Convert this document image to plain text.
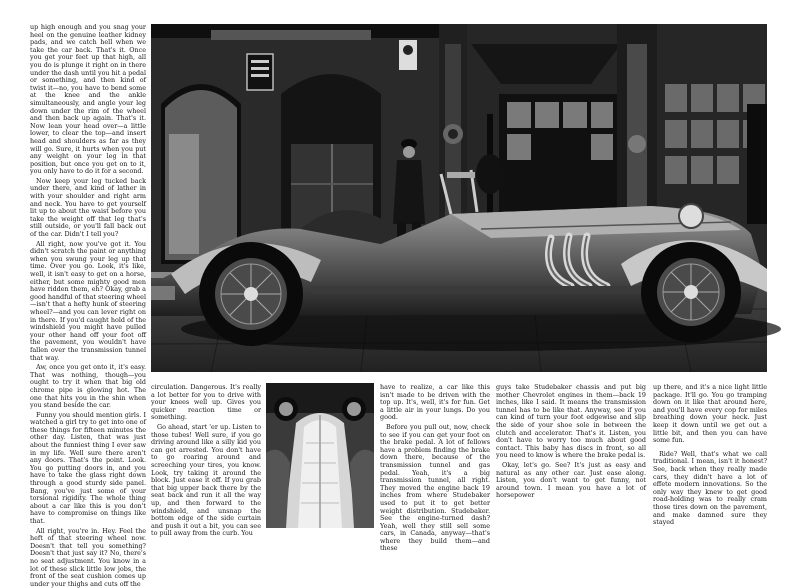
up high enough and you snag your heel on the genuine leather kidney pads, and we catch hell when we take the car back. That's it. Once you get your feet up that high, all you do is plunge it right on in there under the dash until you hit a pedal or something, and then kind of twist it—no, you have to bend some at the knee and the ankle simultaneously, and angle your leg down under the rim of the wheel and then back up again. That's it. Now lean your head over—a little lower, to clear the top—and insert head and shoulders as far as they will go. Sure, it hurts when you put any weight on your leg in that position, but once you get on to it, you only have to do it for a second.

Now keep your leg tucked back under there, and kind of lather in with your shoulder and right arm and neck. You have to get yourself lit up to about the waist before you take the weight off that leg that's still outside, or you'll fall back out of the car. Didn't I tell you?

All right, now you've got it. You didn't scratch the paint or anything when you swung your leg up that time. Over you go. Look, it's like, well, it isn't easy to get on a horse, either, but some mighty good men have ridden them, eh? Okay, grab a good handful of that steering wheel—isn't that a hefty hunk of steering wheel?—and you can lever right on in there. If you'd caught hold of the windshield you might have pulled your other hand off your foot off the pavement, you wouldn't have fallen over the transmission tunnel that way.

Aw, once you get onto it, it's easy. That was nothing, though—you ought to try it when that big old chrome pipe is glowing hot. The one that hits you in the shin when you stand beside the car.

Funny you should mention girls. I watched a girl try to get into one of these things for fifteen minutes the other day. Listen, that was just about the funniest thing I ever saw in my life. Well sure there aren't any doors. That's the point. Look. You go putting doors in, and you have to take the glass right down through a good sturdy side panel. Bang, you've just some of your torsional rigidity. The whole thing about a car like this is you don't have to compromise on things like that.

All right, you're in. Hey. Feel the heft of that steering wheel now. Doesn't that tell you something? Doesn't that just say it? No, there's no seat adjustment. You know in a lot of these slick little low jobs, the front of the seat cushion comes up under your thighs and cuts off the

circulation. Dangerous. It's really a lot better for you to drive with your knees well up. Gives you quicker reaction time or something.

Go ahead, start 'er up. Listen to those tubes! Well sure, if you go driving around like a silly kid you can get arrested. You don't have to go roaring around and screeching your tires, you know. Look, try taking it around the block. Just ease it off. If you grab that big upper back there by the seat back and run it all the way up, and then forward to the windshield, and unsnap the bottom edge of the side curtain and push it out a bit, you can see to pull away from the curb. You

have to realize, a car like this isn't made to be driven with the top up. It's, well, it's for fun. Get a little air in your lungs. Do you good.

Before you pull out, now, check to see if you can get your foot on the brake pedal. A lot of fellows have a problem finding the brake down there, because of the transmission tunnel and gas pedal. Yeah, it's a big transmission tunnel, all right. They moved the engine back 19 inches from where Studebaker used to put it to get better weight distribution. Studebaker. See the engine-turned dash? Yeah, well they still sell some cars, in Canada, anyway—that's where they build them—and these

guys take Studebaker chassis and put big mother Chevrolet engines in them—back 19 inches, like I said. It means the transmission tunnel has to be like that. Anyway, see if you can kind of turn your foot edgewise and slip the side of your shoe sole in between the clutch and accelerator. That's it. Listen, you don't have to worry too much about good contact. This baby has discs in front, so all you need to know is where the brake pedal is.

Okay, let's go. See? It's just as easy and natural as any other car. Just ease along. Listen, you don't want to get funny, not around town. I mean you have a lot of horsepower

up there, and it's a nice light little package. It'll go. You go tramping down on it like that around here, and you'll have every cop for miles breathing down your neck. Just keep it down until we get out a little bit, and then you can have some fun.

Ride? Well, that's what we call traditional. I mean, isn't it honest? See, back when they really made cars, they didn't have a lot of effete modern innovations. So the only way they knew to get good road-holding was to really cram those tires down on the pavement, and make damned sure they stayed
